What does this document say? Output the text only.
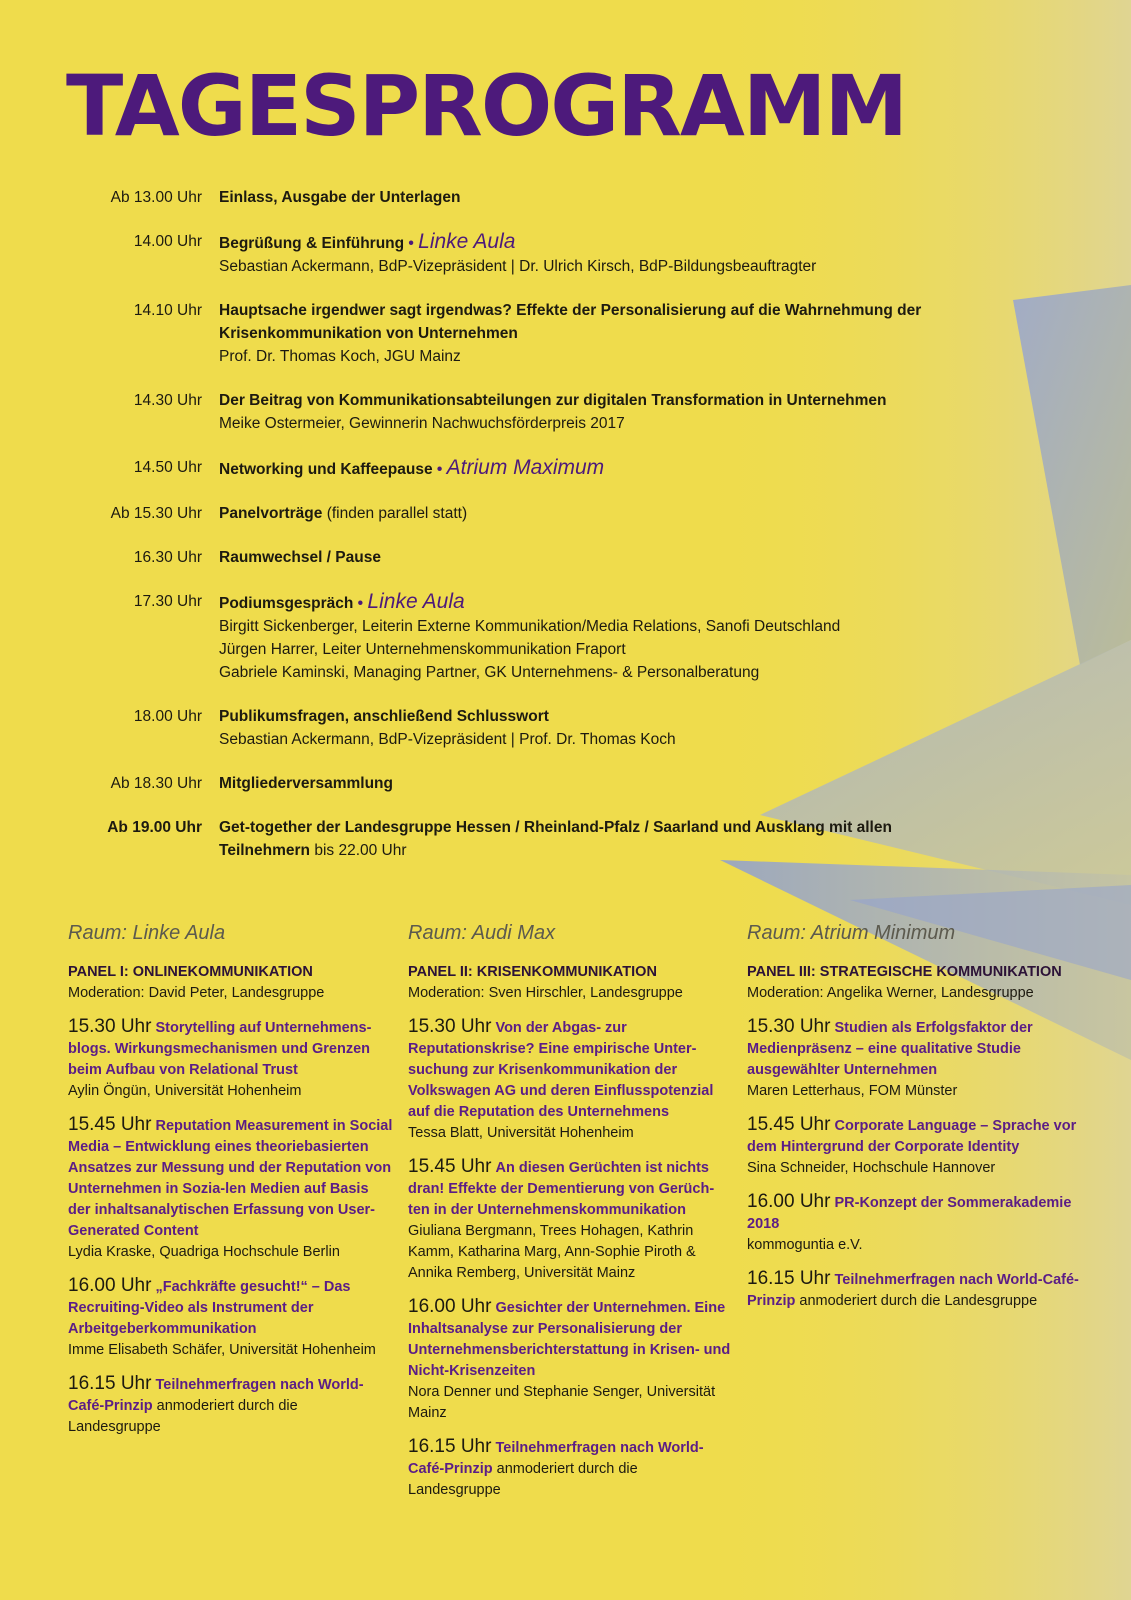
TAGESPROGRAMM
Ab 13.00 Uhr Einlass, Ausgabe der Unterlagen
14.00 Uhr Begrüßung & Einführung • Linke Aula
Sebastian Ackermann, BdP-Vizepräsident | Dr. Ulrich Kirsch, BdP-Bildungsbeauftragter
14.10 Uhr Hauptsache irgendwer sagt irgendwas? Effekte der Personalisierung auf die Wahrnehmung der Krisenkommunikation von Unternehmen
Prof. Dr. Thomas Koch, JGU Mainz
14.30 Uhr Der Beitrag von Kommunikationsabteilungen zur digitalen Transformation in Unternehmen
Meike Ostermeier, Gewinnerin Nachwuchsförderpreis 2017
14.50 Uhr Networking und Kaffeepause • Atrium Maximum
Ab 15.30 Uhr Panelvorträge (finden parallel statt)
16.30 Uhr Raumwechsel / Pause
17.30 Uhr Podiumsgespräch • Linke Aula
Birgitt Sickenberger, Leiterin Externe Kommunikation/Media Relations, Sanofi Deutschland
Jürgen Harrer, Leiter Unternehmenskommunikation Fraport
Gabriele Kaminski, Managing Partner, GK Unternehmens- & Personalberatung
18.00 Uhr Publikumsfragen, anschließend Schlusswort
Sebastian Ackermann, BdP-Vizepräsident | Prof. Dr. Thomas Koch
Ab 18.30 Uhr Mitgliederversammlung
Ab 19.00 Uhr Get-together der Landesgruppe Hessen / Rheinland-Pfalz / Saarland und Ausklang mit allen Teilnehmern bis 22.00 Uhr
Raum: Linke Aula
PANEL I: ONLINEKOMMUNIKATION
Moderation: David Peter, Landesgruppe
15.30 Uhr Storytelling auf Unternehmens- blogs. Wirkungsmechanismen und Grenzen beim Aufbau von Relational Trust
Aylin Öngün, Universität Hohenheim
15.45 Uhr Reputation Measurement in Social Media – Entwicklung eines theoriebasierten Ansatzes zur Messung und der Reputation von Unternehmen in Sozia-len Medien auf Basis der inhaltsanalytischen Erfassung von User-Generated Content
Lydia Kraske, Quadriga Hochschule Berlin
16.00 Uhr „Fachkräfte gesucht!“ – Das Recruiting-Video als Instrument der Arbeitgeberkommunikation
Imme Elisabeth Schäfer, Universität Hohenheim
16.15 Uhr Teilnehmerfragen nach World-Café-Prinzip anmoderiert durch die Landesgruppe
Raum: Audi Max
PANEL II: KRISENKOMMUNIKATION
Moderation: Sven Hirschler, Landesgruppe
15.30 Uhr Von der Abgas- zur Reputationskrise? Eine empirische Unter-suchung zur Krisenkommunikation der Volkswagen AG und deren Einflusspotenzial auf die Reputation des Unternehmens
Tessa Blatt, Universität Hohenheim
15.45 Uhr An diesen Gerüchten ist nichts dran! Effekte der Dementierung von Gerüch-ten in der Unternehmenskommunikation
Giuliana Bergmann, Trees Hohagen, Kathrin Kamm, Katharina Marg, Ann-Sophie Piroth & Annika Remberg, Universität Mainz
16.00 Uhr Gesichter der Unternehmen. Eine Inhaltsanalyse zur Personalisierung der Unternehmensberichterstattung in Krisen- und Nicht-Krisenzeiten
Nora Denner und Stephanie Senger, Universität Mainz
16.15 Uhr Teilnehmerfragen nach World-Café-Prinzip anmoderiert durch die Landesgruppe
Raum: Atrium Minimum
PANEL III: STRATEGISCHE KOMMUNIKATION
Moderation: Angelika Werner, Landesgruppe
15.30 Uhr Studien als Erfolgsfaktor der Medienpräsenz – eine qualitative Studie ausgewählter Unternehmen
Maren Letterhaus, FOM Münster
15.45 Uhr Corporate Language – Sprache vor dem Hintergrund der Corporate Identity
Sina Schneider, Hochschule Hannover
16.00 Uhr PR-Konzept der Sommerakademie 2018
kommoguntia e.V.
16.15 Uhr Teilnehmerfragen nach World-Café-Prinzip anmoderiert durch die Landesgruppe
